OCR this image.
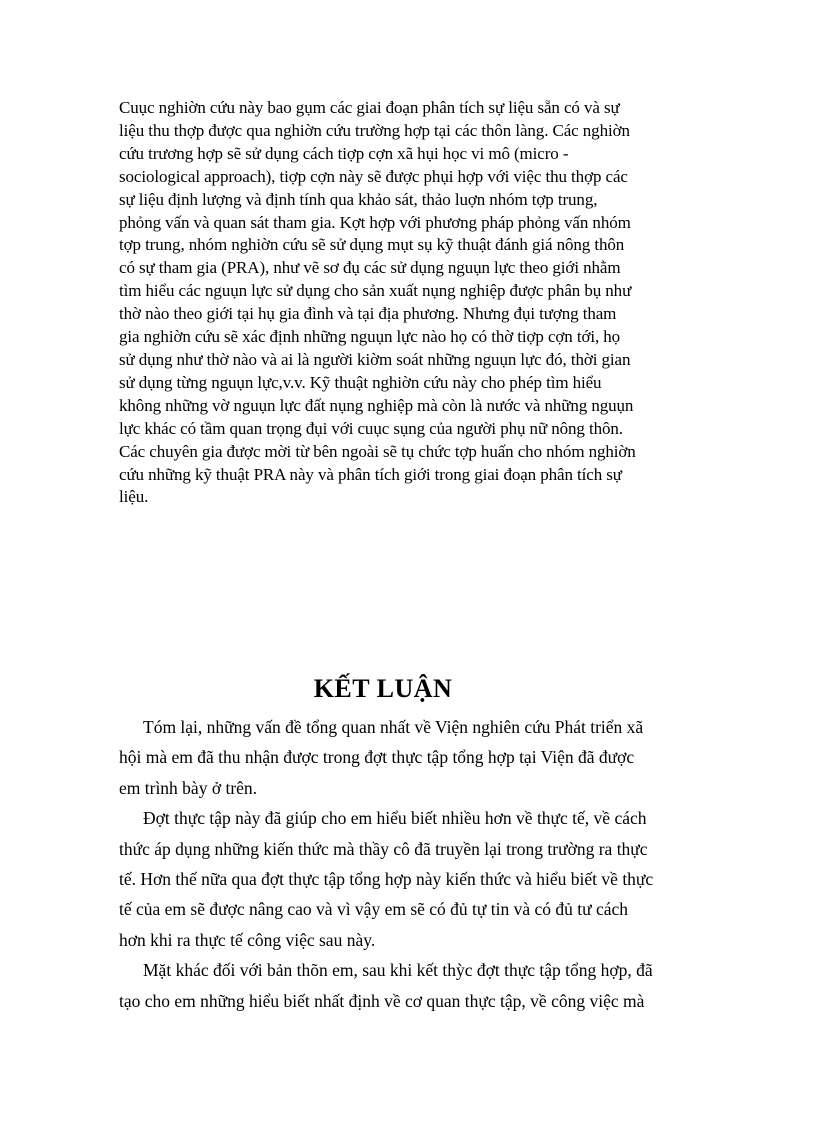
Cuục nghiờn cứu này bao gụm các giai đoạn phân tích sự liệu sẵn có và sự
liệu thu thợp được qua nghiờn cứu trường hợp tại các thôn làng. Các nghiờn
cứu trương hợp sẽ sử dụng cách tiợp cợn xã hụi học vi mô (micro -
sociological approach), tiợp cợn này sẽ được phụi hợp với việc thu thợp các
sự liệu định lượng và định tính qua khảo sát, thảo luợn nhóm tợp trung,
phỏng vấn và quan sát tham gia. Kợt hợp với phương pháp phỏng vấn nhóm
tợp trung, nhóm nghiờn cứu sẽ sử dụng mụt sụ kỹ thuật đánh giá nông thôn
có sự tham gia (PRA), như vẽ sơ đụ các sử dụng nguụn lực theo giới nhằm
tìm hiểu các nguụn lực sử dụng cho sản xuất nụng nghiệp được phân bụ như
thờ nào theo giới tại hụ gia đình và tại địa phương. Nhưng đụi tượng tham
gia nghiờn cứu sẽ xác định những nguụn lực nào họ có thờ tiợp cợn tới, họ
sử dụng như thờ nào và ai là người kiờm soát những nguụn lực đó, thời gian
sử dụng từng nguụn lực,v.v. Kỹ thuật nghiờn cứu này cho phép tìm hiểu
không những vờ nguụn lực đất nụng nghiệp mà còn là nước và những nguụn
lực khác có tầm quan trọng đụi với cuục sụng của người phụ nữ nông thôn.
Các chuyên gia được mời từ bên ngoài sẽ tụ chức tợp huấn cho nhóm nghiờn
cứu những kỹ thuật PRA này và phân tích giới trong giai đoạn phân tích sự
liệu.
KẾT LUẬN
Tóm lại, những vấn đề tổng quan nhất về Viện nghiên cứu Phát triển xã
hội mà em đã thu nhận được trong đợt thực tập tổng hợp tại Viện đã được
em trình bày ở trên.
Đợt thực tập này đã giúp cho em hiểu biết nhiều hơn về thực tế, về cách
thức áp dụng những kiến thức mà thầy cô đã truyền lại trong trường ra thực
tế. Hơn thế nữa qua đợt thực tập tổng hợp này kiến thức và hiểu biết về thực
tế của em sẽ được nâng cao và vì vậy em sẽ có đủ tự tin và có đủ tư cách
hơn khi ra thực tế công việc sau này.
Mặt khác đối với bản thõn em, sau khi kết thỳc đợt thực tập tổng hợp, đã
tạo cho em những hiểu biết nhất định về cơ quan thực tập, về công việc mà
